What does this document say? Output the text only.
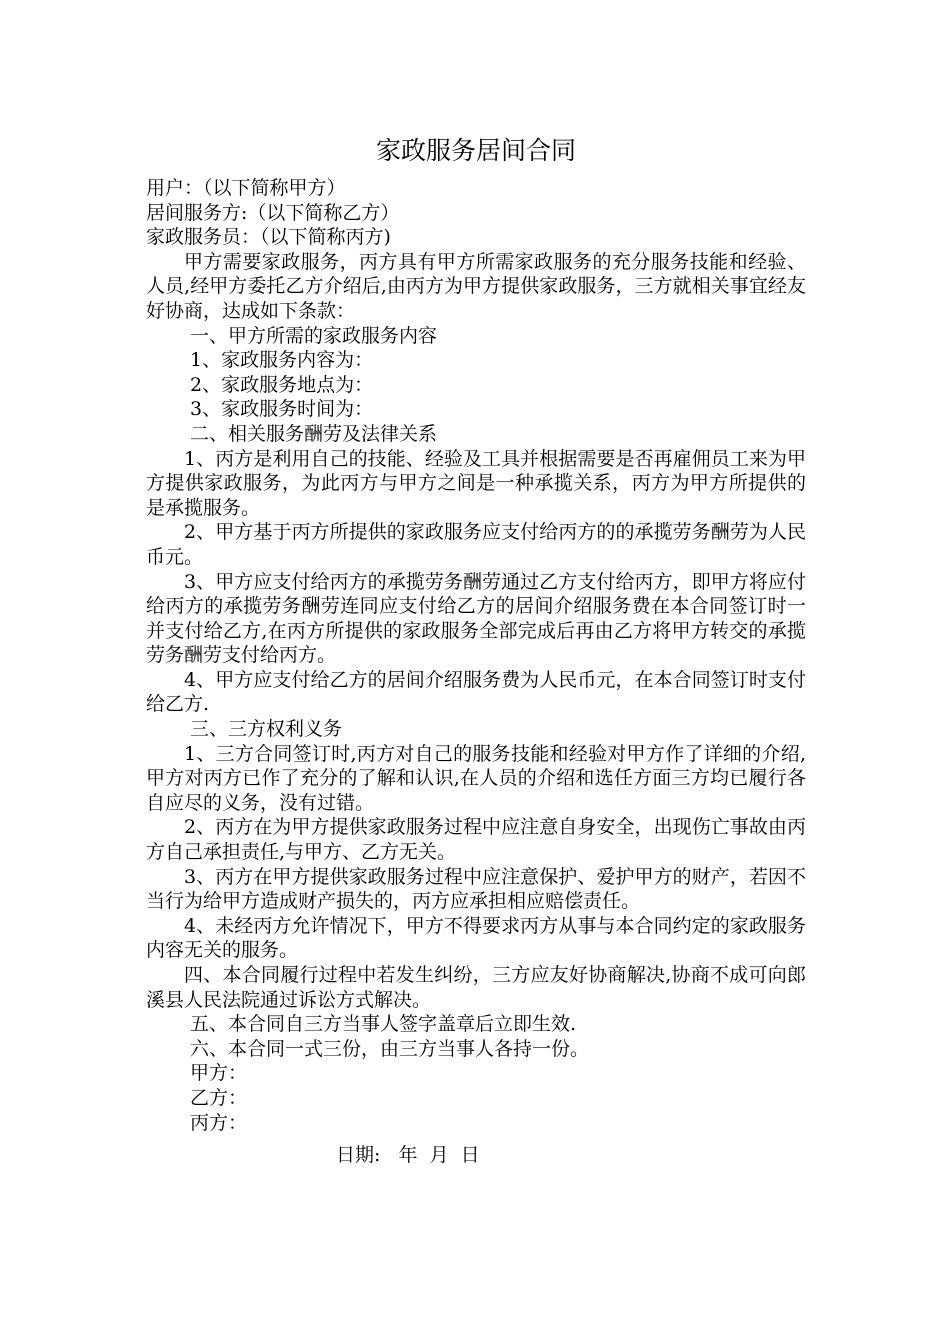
家政服务居间合同

用户：（以下简称甲方）

居间服务方:（以下简称乙方）

家政服务员：（以下简称丙方)

甲方需要家政服务，丙方具有甲方所需家政服务的充分服务技能和经验、人员,经甲方委托乙方介绍后,由丙方为甲方提供家政服务，三方就相关事宜经友好协商，达成如下条款：

一、甲方所需的家政服务内容

1、家政服务内容为：

2、家政服务地点为：

3、家政服务时间为：

二、相关服务酬劳及法律关系

1、丙方是利用自己的技能、经验及工具并根据需要是否再雇佣员工来为甲方提供家政服务，为此丙方与甲方之间是一种承揽关系，丙方为甲方所提供的是承揽服务。

2、甲方基于丙方所提供的家政服务应支付给丙方的的承揽劳务酬劳为人民币元。

3、甲方应支付给丙方的承揽劳务酬劳通过乙方支付给丙方，即甲方将应付给丙方的承揽劳务酬劳连同应支付给乙方的居间介绍服务费在本合同签订时一并支付给乙方,在丙方所提供的家政服务全部完成后再由乙方将甲方转交的承揽劳务酬劳支付给丙方。

4、甲方应支付给乙方的居间介绍服务费为人民币元，在本合同签订时支付给乙方.

三、三方权利义务

1、三方合同签订时,丙方对自己的服务技能和经验对甲方作了详细的介绍,甲方对丙方已作了充分的了解和认识,在人员的介绍和选任方面三方均已履行各自应尽的义务，没有过错。

2、丙方在为甲方提供家政服务过程中应注意自身安全，出现伤亡事故由丙方自己承担责任,与甲方、乙方无关。

3、丙方在甲方提供家政服务过程中应注意保护、爱护甲方的财产，若因不当行为给甲方造成财产损失的，丙方应承担相应赔偿责任。

4、未经丙方允许情况下，甲方不得要求丙方从事与本合同约定的家政服务内容无关的服务。

四、本合同履行过程中若发生纠纷，三方应友好协商解决,协商不成可向郎溪县人民法院通过诉讼方式解决。

五、本合同自三方当事人签字盖章后立即生效.

六、本合同一式三份，由三方当事人各持一份。

甲方：

乙方：

丙方：

日期:   年  月  日
